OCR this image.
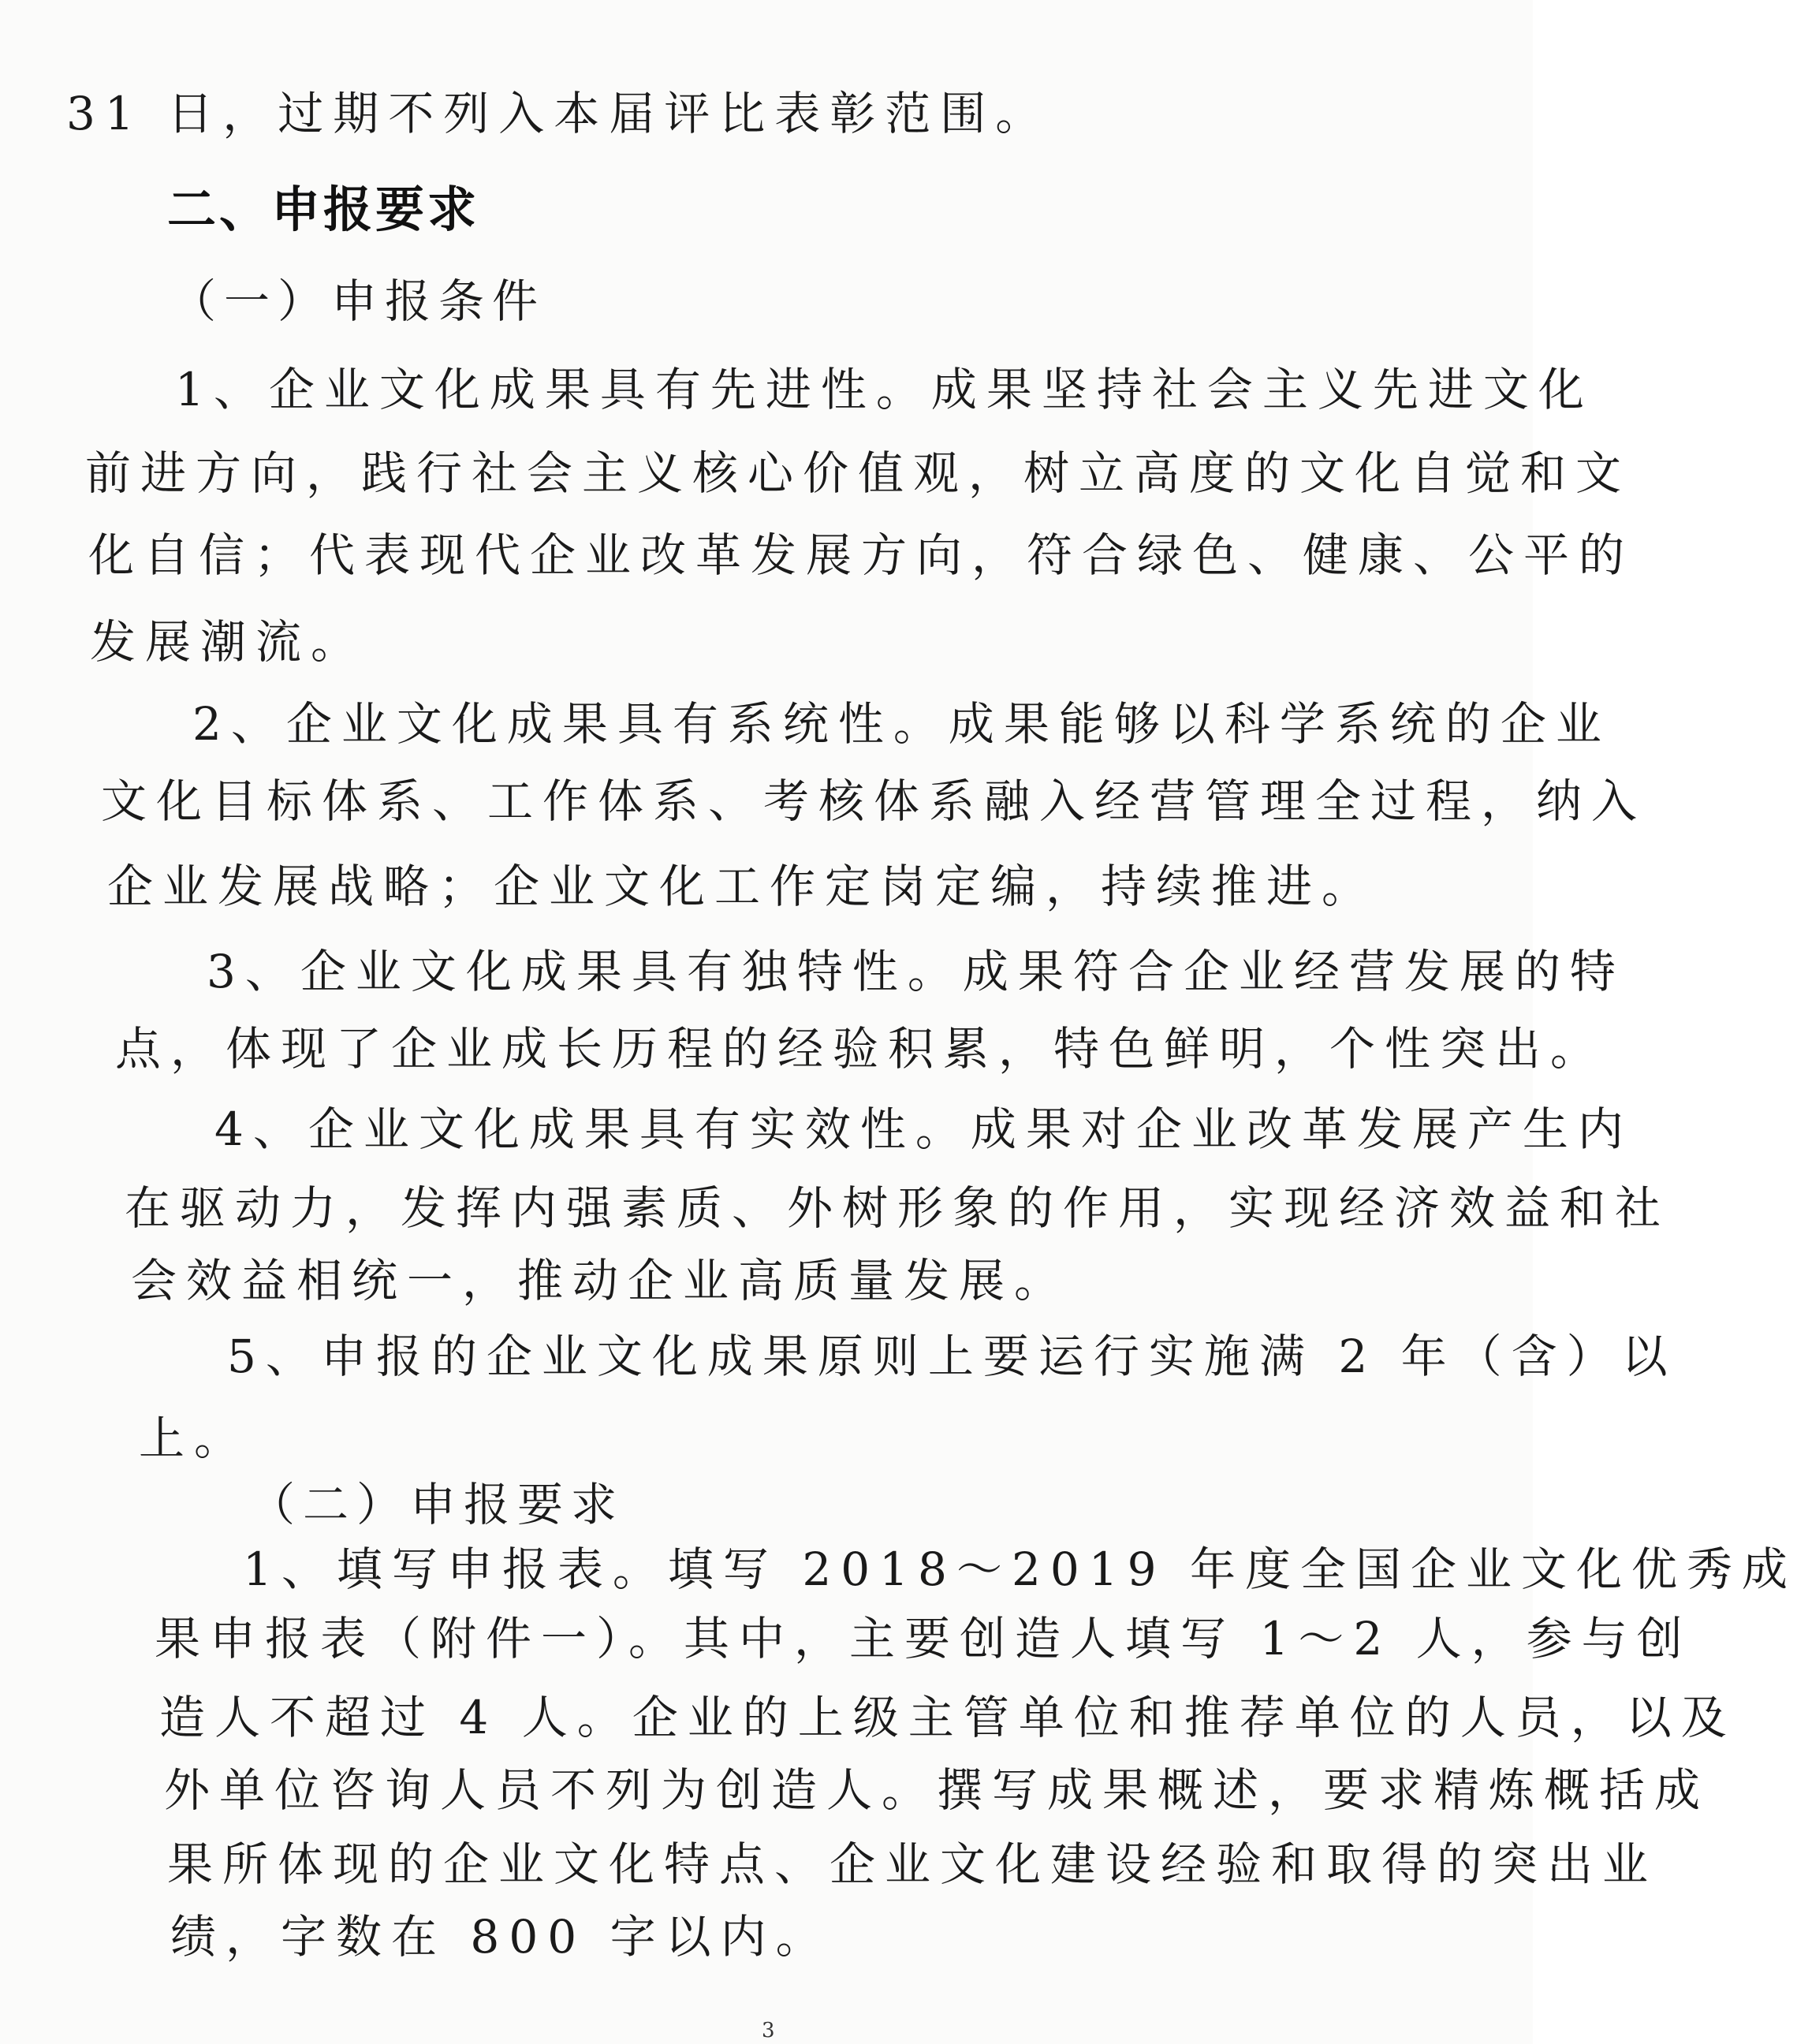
31 日，过期不列入本届评比表彰范围。
二、申报要求
（一）申报条件
1、企业文化成果具有先进性。成果坚持社会主义先进文化
前进方向，践行社会主义核心价值观，树立高度的文化自觉和文
化自信；代表现代企业改革发展方向，符合绿色、健康、公平的
发展潮流。
2、企业文化成果具有系统性。成果能够以科学系统的企业
文化目标体系、工作体系、考核体系融入经营管理全过程，纳入
企业发展战略；企业文化工作定岗定编，持续推进。
3、企业文化成果具有独特性。成果符合企业经营发展的特
点，体现了企业成长历程的经验积累，特色鲜明，个性突出。
4、企业文化成果具有实效性。成果对企业改革发展产生内
在驱动力，发挥内强素质、外树形象的作用，实现经济效益和社
会效益相统一，推动企业高质量发展。
5、申报的企业文化成果原则上要运行实施满 2 年（含）以
上。
（二）申报要求
1、填写申报表。填写 2018～2019 年度全国企业文化优秀成
果申报表（附件一）。其中，主要创造人填写 1～2 人，参与创
造人不超过 4 人。企业的上级主管单位和推荐单位的人员，以及
外单位咨询人员不列为创造人。撰写成果概述，要求精炼概括成
果所体现的企业文化特点、企业文化建设经验和取得的突出业
绩，字数在 800 字以内。
3
